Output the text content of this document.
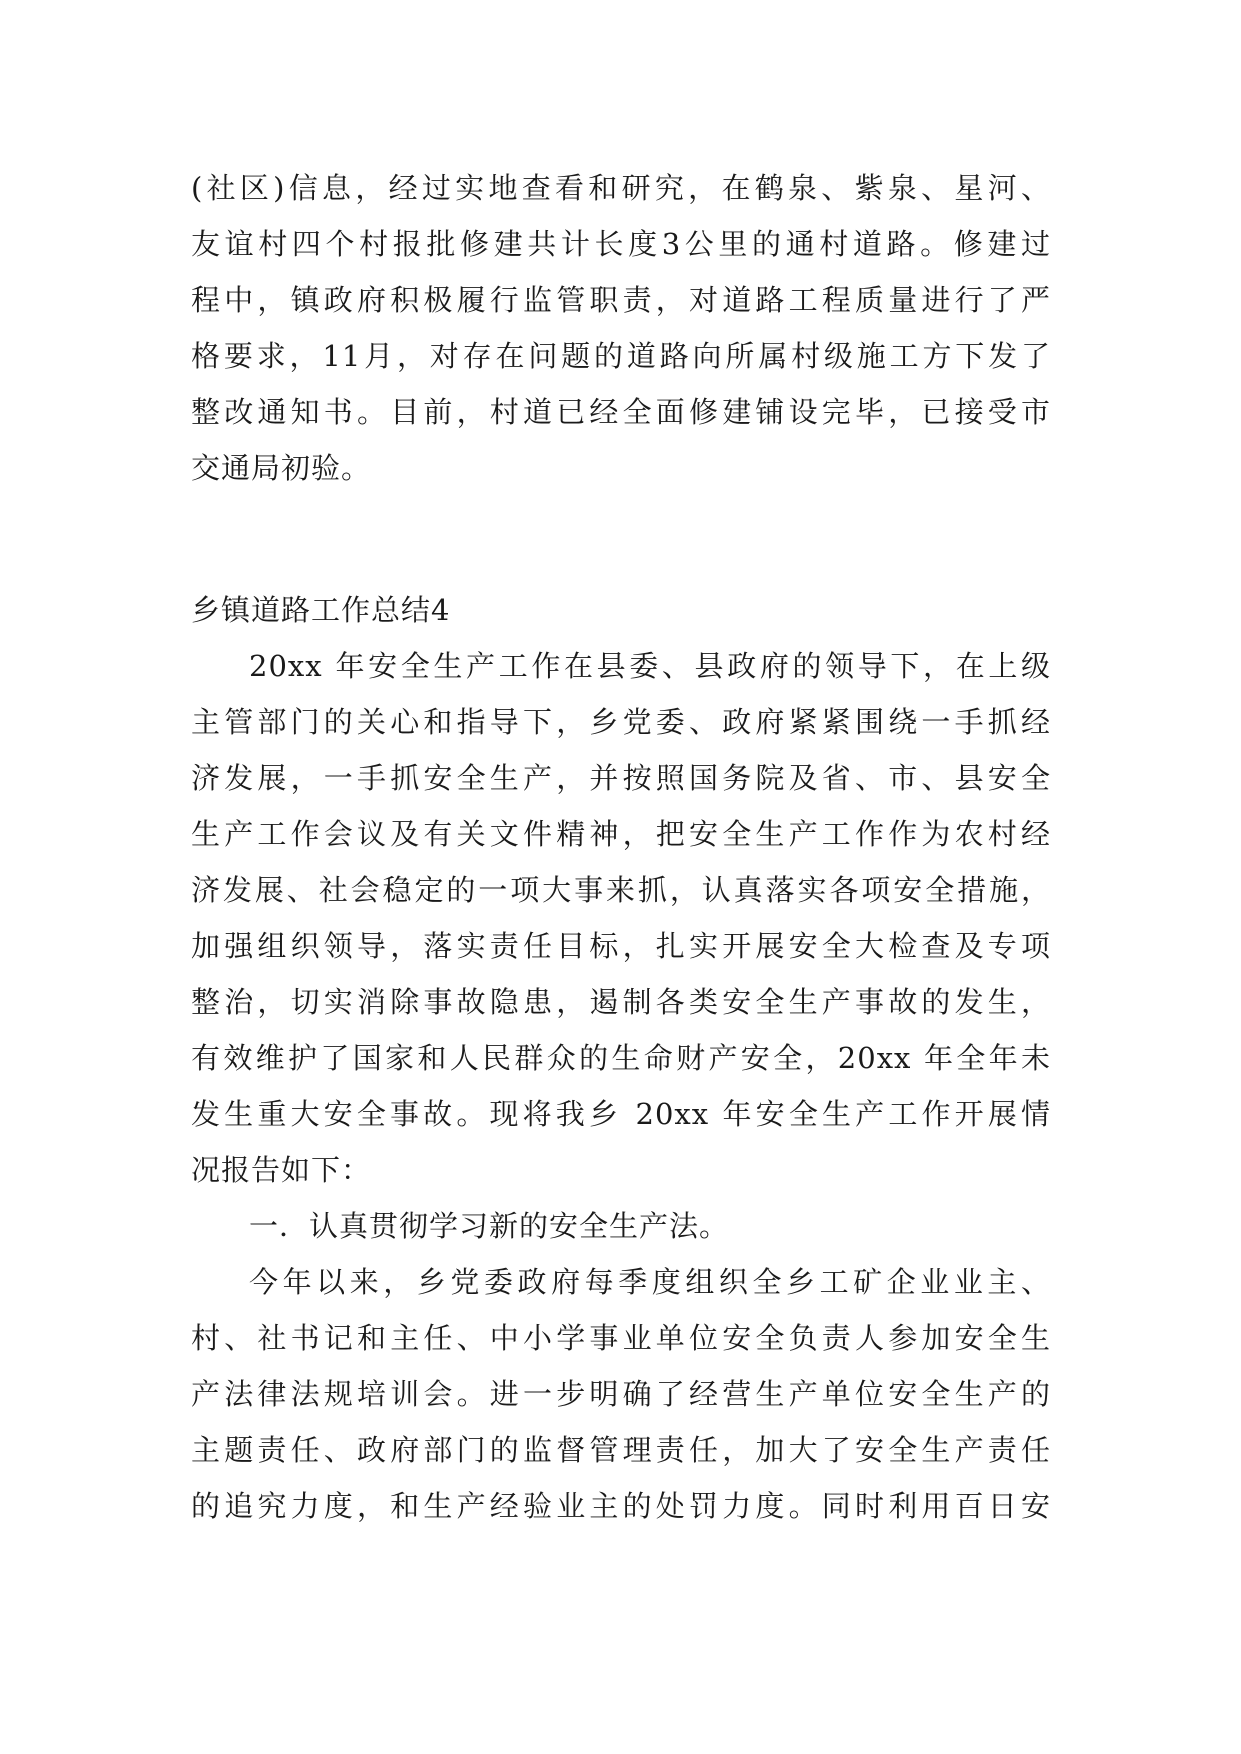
(社区)信息，经过实地查看和研究，在鹤泉、紫泉、星河、
友谊村四个村报批修建共计长度3公里的通村道路。修建过
程中，镇政府积极履行监管职责，对道路工程质量进行了严
格要求，11月，对存在问题的道路向所属村级施工方下发了
整改通知书。目前，村道已经全面修建铺设完毕，已接受市
交通局初验。
乡镇道路工作总结4
20xx 年安全生产工作在县委、县政府的领导下，在上级
主管部门的关心和指导下，乡党委、政府紧紧围绕一手抓经
济发展，一手抓安全生产，并按照国务院及省、市、县安全
生产工作会议及有关文件精神，把安全生产工作作为农村经
济发展、社会稳定的一项大事来抓，认真落实各项安全措施，
加强组织领导，落实责任目标，扎实开展安全大检查及专项
整治，切实消除事故隐患，遏制各类安全生产事故的发生，
有效维护了国家和人民群众的生命财产安全，20xx 年全年未
发生重大安全事故。现将我乡 20xx 年安全生产工作开展情
况报告如下：
一．认真贯彻学习新的安全生产法。
今年以来，乡党委政府每季度组织全乡工矿企业业主、
村、社书记和主任、中小学事业单位安全负责人参加安全生
产法律法规培训会。进一步明确了经营生产单位安全生产的
主题责任、政府部门的监督管理责任，加大了安全生产责任
的追究力度，和生产经验业主的处罚力度。同时利用百日安
